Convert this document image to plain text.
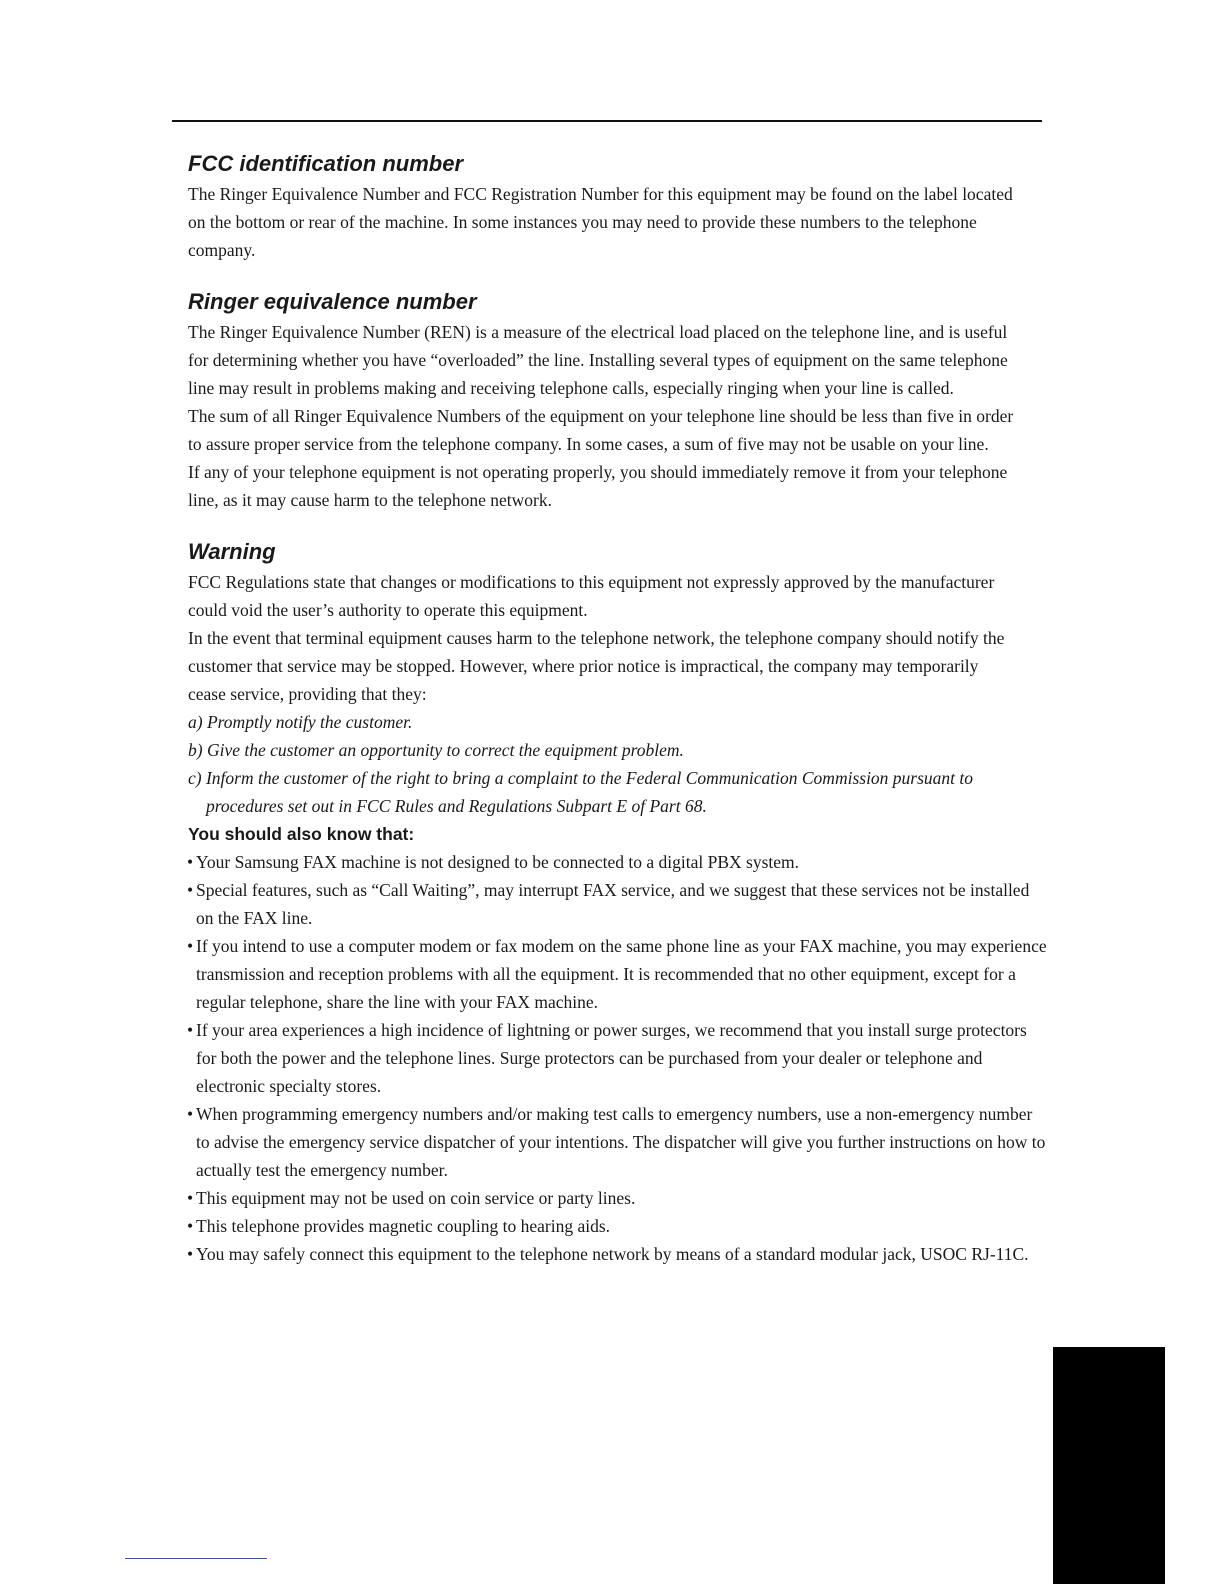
FCC identification number

The Ringer Equivalence Number and FCC Registration Number for this equipment may be found on the label located

on the bottom or rear of the machine. In some instances you may need to provide these numbers to the telephone

company.

Ringer equivalence number

The Ringer Equivalence Number (REN) is a measure of the electrical load placed on the telephone line, and is useful

for determining whether you have “overloaded” the line. Installing several types of equipment on the same telephone

line may result in problems making and receiving telephone calls, especially ringing when your line is called.

The sum of all Ringer Equivalence Numbers of the equipment on your telephone line should be less than five in order

to assure proper service from the telephone company. In some cases, a sum of five may not be usable on your line.

If any of your telephone equipment is not operating properly, you should immediately remove it from your telephone

line, as it may cause harm to the telephone network.

Warning

FCC Regulations state that changes or modifications to this equipment not expressly approved by the manufacturer

could void the user’s authority to operate this equipment.

In the event that terminal equipment causes harm to the telephone network, the telephone company should notify the

customer that service may be stopped. However, where prior notice is impractical, the company may temporarily

cease service, providing that they:

a) Promptly notify the customer.

b) Give the customer an opportunity to correct the equipment problem.

c) Inform the customer of the right to bring a complaint to the Federal Communication Commission pursuant to procedures set out in FCC Rules and Regulations Subpart E of Part 68.

You should also know that:
• Your Samsung FAX machine is not designed to be connected to a digital PBX system.
• Special features, such as “Call Waiting”, may interrupt FAX service, and we suggest that these services not be installed on the FAX line.
• If you intend to use a computer modem or fax modem on the same phone line as your FAX machine, you may experience transmission and reception problems with all the equipment. It is recommended that no other equipment, except for a regular telephone, share the line with your FAX machine.
• If your area experiences a high incidence of lightning or power surges, we recommend that you install surge protectors for both the power and the telephone lines. Surge protectors can be purchased from your dealer or telephone and electronic specialty stores.
• When programming emergency numbers and/or making test calls to emergency numbers, use a non-emergency number to advise the emergency service dispatcher of your intentions. The dispatcher will give you further instructions on how to actually test the emergency number.
• This equipment may not be used on coin service or party lines.
• This telephone provides magnetic coupling to hearing aids.
• You may safely connect this equipment to the telephone network by means of a standard modular jack, USOC RJ-11C.
